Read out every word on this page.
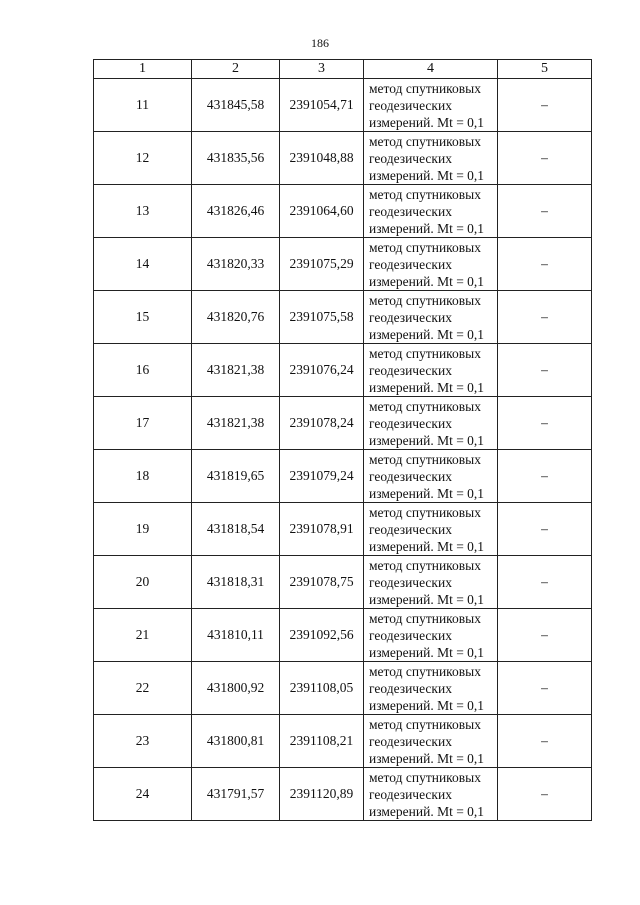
186
1	2	3	4	5
11	431845,58	2391054,71	метод спутниковых
геодезических
измерений. Mt = 0,1	–
12	431835,56	2391048,88	метод спутниковых
геодезических
измерений. Mt = 0,1	–
13	431826,46	2391064,60	метод спутниковых
геодезических
измерений. Mt = 0,1	–
14	431820,33	2391075,29	метод спутниковых
геодезических
измерений. Mt = 0,1	–
15	431820,76	2391075,58	метод спутниковых
геодезических
измерений. Mt = 0,1	–
16	431821,38	2391076,24	метод спутниковых
геодезических
измерений. Mt = 0,1	–
17	431821,38	2391078,24	метод спутниковых
геодезических
измерений. Mt = 0,1	–
18	431819,65	2391079,24	метод спутниковых
геодезических
измерений. Mt = 0,1	–
19	431818,54	2391078,91	метод спутниковых
геодезических
измерений. Mt = 0,1	–
20	431818,31	2391078,75	метод спутниковых
геодезических
измерений. Mt = 0,1	–
21	431810,11	2391092,56	метод спутниковых
геодезических
измерений. Mt = 0,1	–
22	431800,92	2391108,05	метод спутниковых
геодезических
измерений. Mt = 0,1	–
23	431800,81	2391108,21	метод спутниковых
геодезических
измерений. Mt = 0,1	–
24	431791,57	2391120,89	метод спутниковых
геодезических
измерений. Mt = 0,1	–
